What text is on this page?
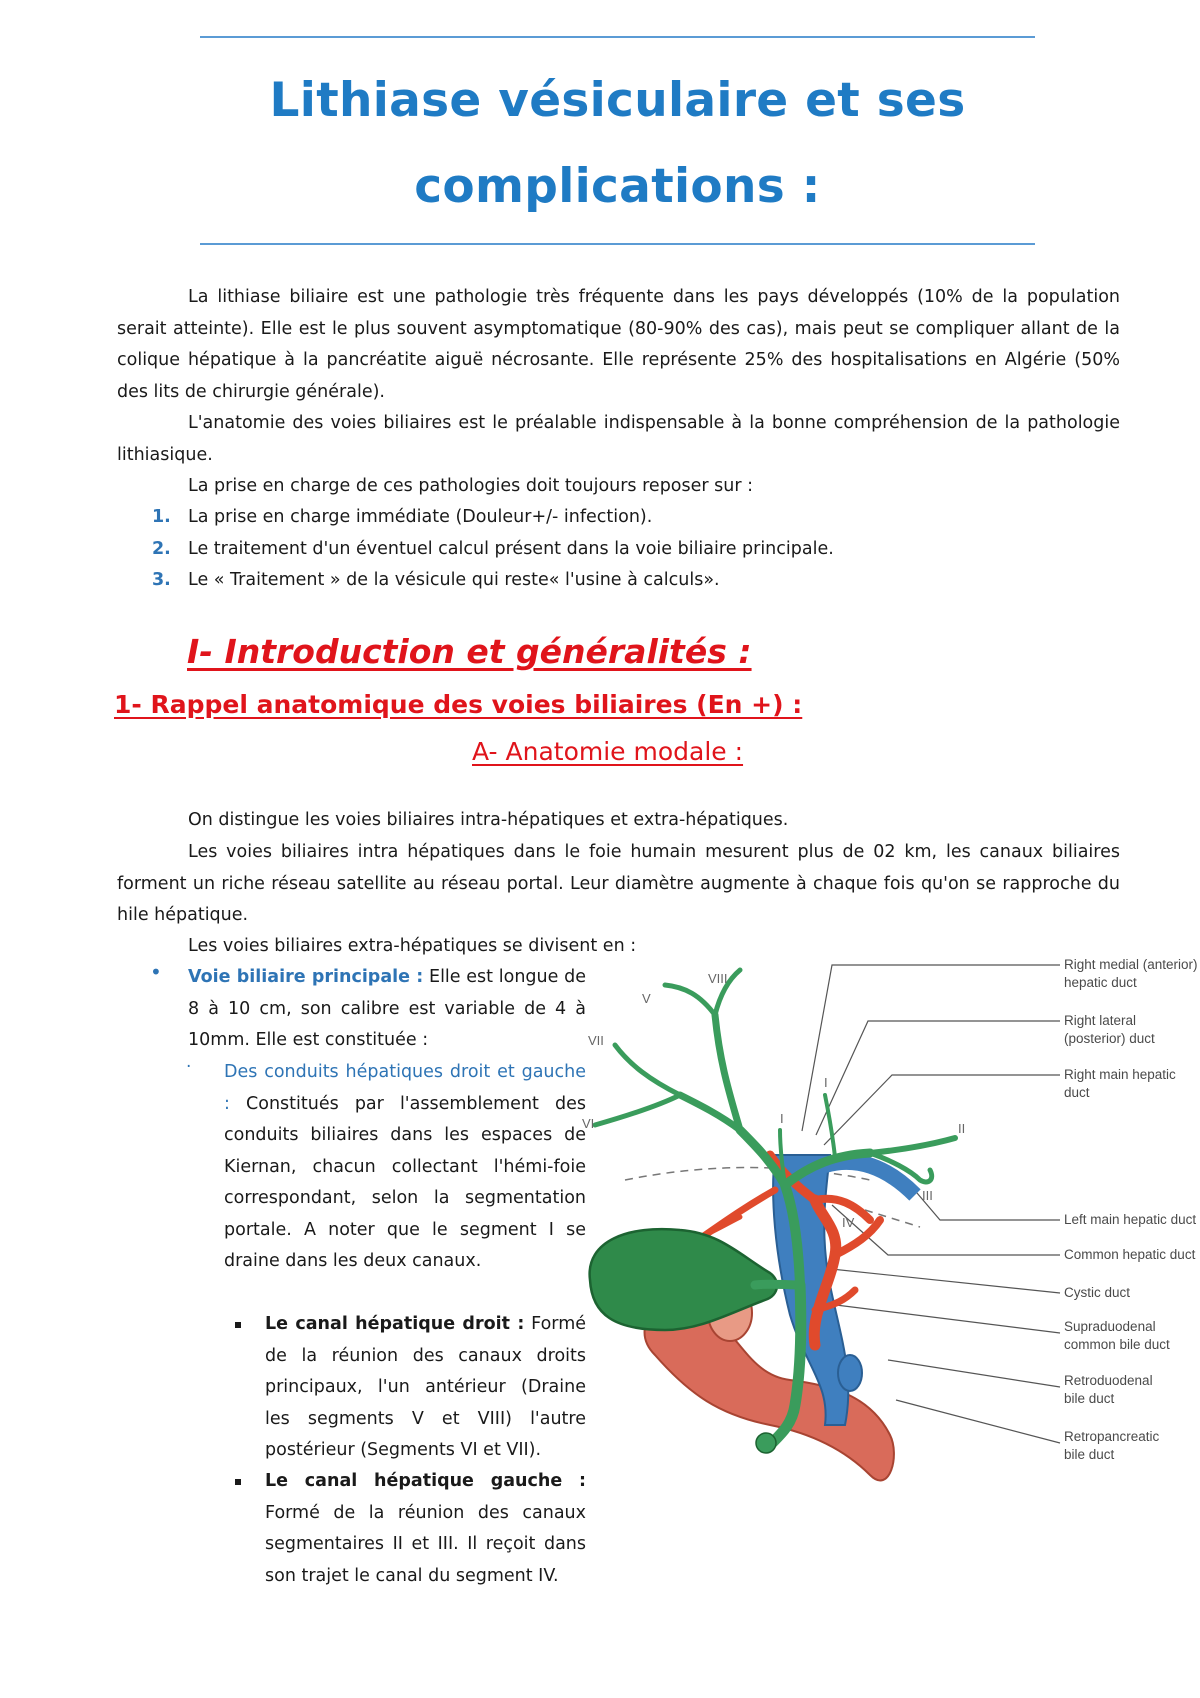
Lithiase vésiculaire et ses
complications :
La lithiase biliaire est une pathologie très fréquente dans les pays développés (10% de la population serait atteinte). Elle est le plus souvent asymptomatique (80-90% des cas), mais peut se compliquer allant de la colique hépatique à la pancréatite aiguë nécrosante. Elle représente 25% des hospitalisations en Algérie (50% des lits de chirurgie générale).
L'anatomie des voies biliaires est le préalable indispensable à la bonne compréhension de la pathologie lithiasique.
La prise en charge de ces pathologies doit toujours reposer sur :
1. La prise en charge immédiate (Douleur+/- infection).
2. Le traitement d'un éventuel calcul présent dans la voie biliaire principale.
3. Le « Traitement » de la vésicule qui reste« l'usine à calculs».
I- Introduction et généralités :
1- Rappel anatomique des voies biliaires (En +) :
A- Anatomie modale :
On distingue les voies biliaires intra-hépatiques et extra-hépatiques.
Les voies biliaires intra hépatiques dans le foie humain mesurent plus de 02 km, les canaux biliaires forment un riche réseau satellite au réseau portal. Leur diamètre augmente à chaque fois qu'on se rapproche du hile hépatique.
Les voies biliaires extra-hépatiques se divisent en :
• Voie biliaire principale : Elle est longue de 8 à 10 cm, son calibre est variable de 4 à 10mm. Elle est constituée :
· Des conduits hépatiques droit et gauche : Constitués par l'assemblement des conduits biliaires dans les espaces de Kiernan, chacun collectant l'hémi-foie correspondant, selon la segmentation portale. A noter que le segment I se draine dans les deux canaux.
Le canal hépatique droit : Formé de la réunion des canaux droits principaux, l'un antérieur (Draine les segments V et VIII) l'autre postérieur (Segments VI et VII).
Le canal hépatique gauche : Formé de la réunion des canaux segmentaires II et III. Il reçoit dans son trajet le canal du segment IV.
VIII
V
VII
VI	I
I
II
III
IV
Right medial (anterior)
hepatic duct
Right lateral
(posterior) duct
Right main hepatic
duct
Left main hepatic duct
Common hepatic duct
Cystic duct
Supraduodenal
common bile duct
Retroduodenal
bile duct
Retropancreatic
bile duct
